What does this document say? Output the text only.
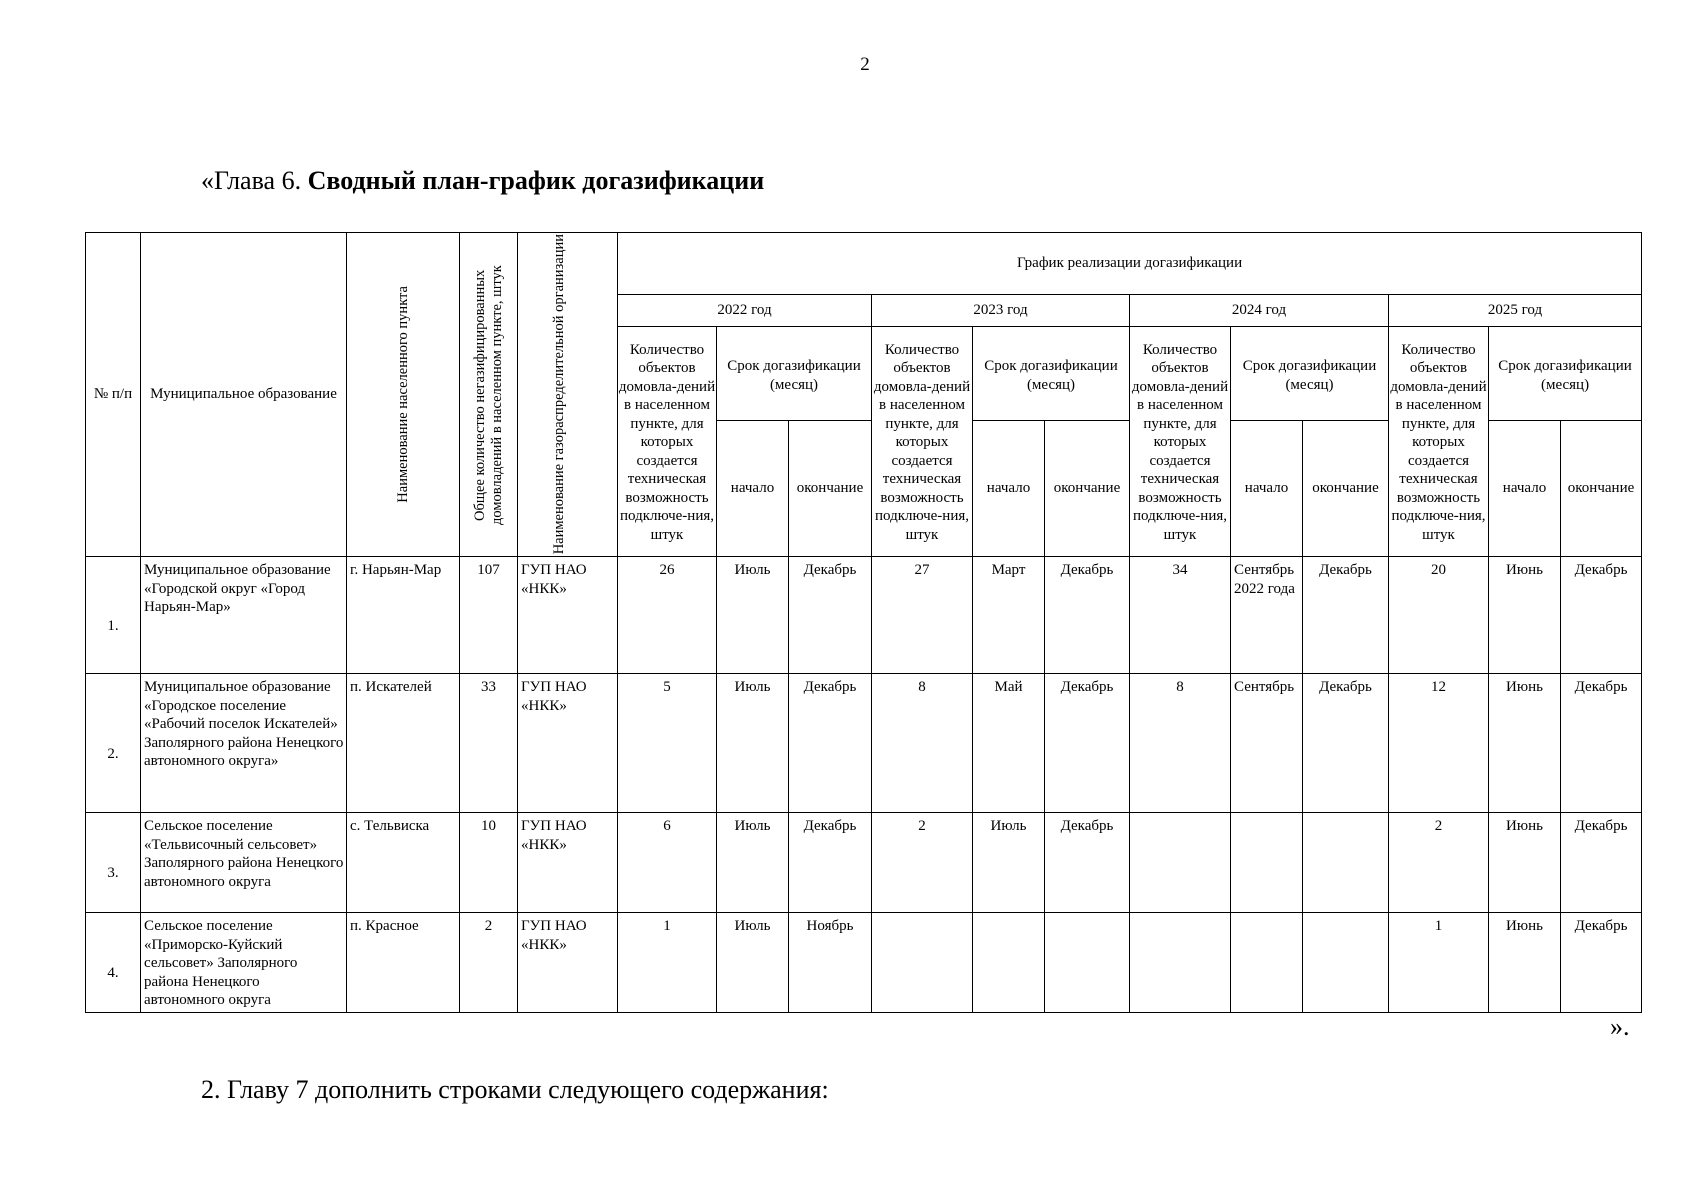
2
«Глава 6. Сводный план-график догазификации
№ п/п	Муниципальное образование	Наименование населенного пункта	Общее количество негазифицированных домовладений в населенном пункте, штук	Наименование газораспределительной организации	График реализации догазификации											
					2022 год			2023 год			2024 год			2025 год		
					Количество объектов домовла-дений в населенном пункте, для которых создается техническая возможность подключе-ния, штук	Срок догазификации (месяц)		Количество объектов домовла-дений в населенном пункте, для которых создается техническая возможность подключе-ния, штук	Срок догазификации (месяц)		Количество объектов домовла-дений в населенном пункте, для которых создается техническая возможность подключе-ния, штук	Срок догазификации (месяц)		Количество объектов домовла-дений в населенном пункте, для которых создается техническая возможность подключе-ния, штук	Срок догазификации (месяц)	
						начало	окончание		начало	окончание		начало	окончание		начало	окончание
1.	Муниципальное образование «Городской округ «Город Нарьян-Мар»	г. Нарьян-Мар	107	ГУП НАО «НКК»	26	Июль	Декабрь	27	Март	Декабрь	34	Сентябрь 2022 года	Декабрь	20	Июнь	Декабрь
2.	Муниципальное образование «Городское поселение «Рабочий поселок Искателей» Заполярного района Ненецкого автономного округа»	п. Искателей	33	ГУП НАО «НКК»	5	Июль	Декабрь	8	Май	Декабрь	8	Сентябрь	Декабрь	12	Июнь	Декабрь
3.	Сельское поселение «Тельвисочный сельсовет» Заполярного района Ненецкого автономного округа	с. Тельвиска	10	ГУП НАО «НКК»	6	Июль	Декабрь	2	Июль	Декабрь				2	Июнь	Декабрь
4.	Сельское поселение «Приморско-Куйский сельсовет» Заполярного района Ненецкого автономного округа	п. Красное	2	ГУП НАО «НКК»	1	Июль	Ноябрь							1	Июнь	Декабрь
».
2. Главу 7 дополнить строками следующего содержания:
